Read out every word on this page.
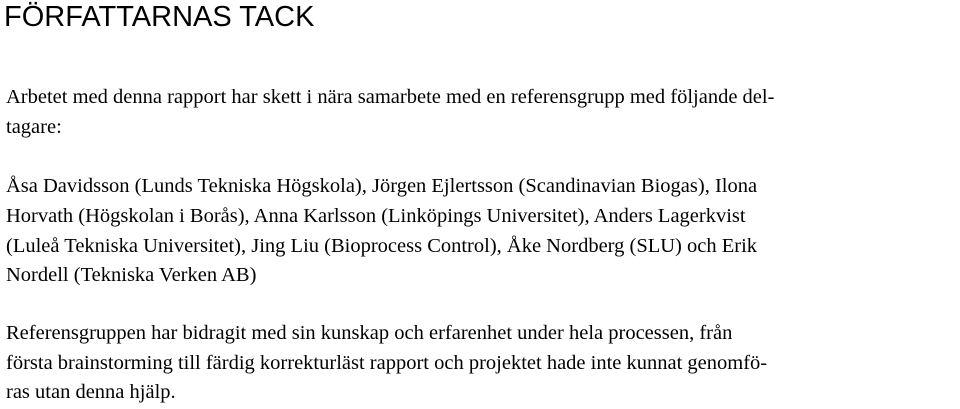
FÖRFATTARNAS TACK

Arbetet med denna rapport har skett i nära samarbete med en referensgrupp med följande del-

tagare:

Åsa Davidsson (Lunds Tekniska Högskola), Jörgen Ejlertsson (Scandinavian Biogas), Ilona

Horvath (Högskolan i Borås), Anna Karlsson (Linköpings Universitet), Anders Lagerkvist

(Luleå Tekniska Universitet), Jing Liu (Bioprocess Control), Åke Nordberg (SLU) och Erik

Nordell (Tekniska Verken AB)

Referensgruppen har bidragit med sin kunskap och erfarenhet under hela processen, från

första brainstorming till färdig korrekturläst rapport och projektet hade inte kunnat genomfö-

ras utan denna hjälp.
